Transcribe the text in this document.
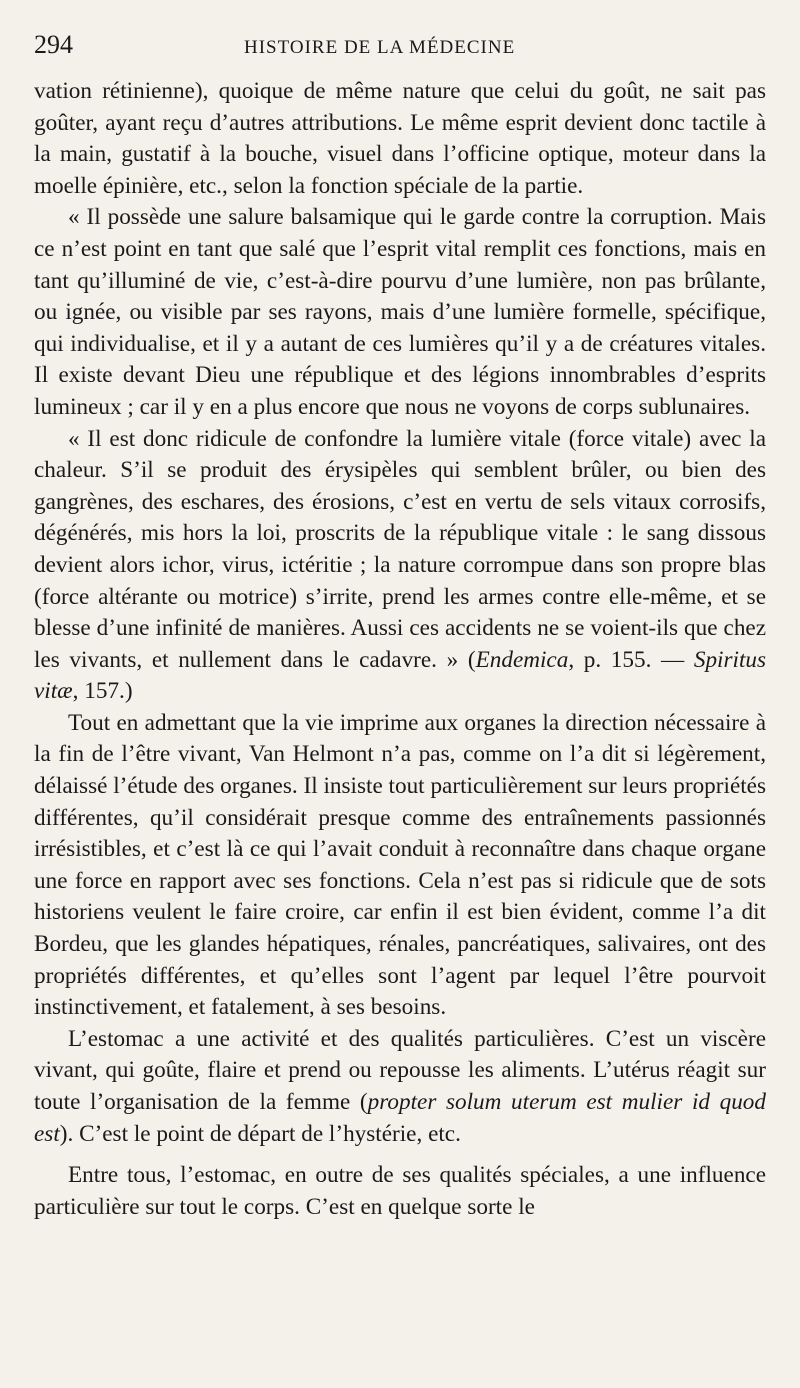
294	HISTOIRE DE LA MÉDECINE

vation rétinienne), quoique de même nature que celui du goût, ne sait pas goûter, ayant reçu d’autres attributions. Le même esprit devient donc tactile à la main, gustatif à la bouche, visuel dans l’officine optique, moteur dans la moelle épinière, etc., selon la fonction spéciale de la partie.

« Il possède une salure balsamique qui le garde contre la corruption. Mais ce n’est point en tant que salé que l’esprit vital remplit ces fonctions, mais en tant qu’illuminé de vie, c’est-à-dire pourvu d’une lumière, non pas brûlante, ou ignée, ou visible par ses rayons, mais d’une lumière formelle, spécifique, qui individualise, et il y a autant de ces lumières qu’il y a de créatures vitales. Il existe devant Dieu une république et des légions innombrables d’esprits lumineux ; car il y en a plus encore que nous ne voyons de corps sublunaires.

« Il est donc ridicule de confondre la lumière vitale (force vitale) avec la chaleur. S’il se produit des érysipèles qui semblent brûler, ou bien des gangrènes, des eschares, des érosions, c’est en vertu de sels vitaux corrosifs, dégénérés, mis hors la loi, proscrits de la république vitale : le sang dissous devient alors ichor, virus, ictéritie ; la nature corrompue dans son propre blas (force altérante ou motrice) s’irrite, prend les armes contre elle-même, et se blesse d’une infinité de manières. Aussi ces accidents ne se voient-ils que chez les vivants, et nullement dans le cadavre. » (Endemica, p. 155. — Spiritus vitæ, 157.)

Tout en admettant que la vie imprime aux organes la direction nécessaire à la fin de l’être vivant, Van Helmont n’a pas, comme on l’a dit si légèrement, délaissé l’étude des organes. Il insiste tout particulièrement sur leurs propriétés différentes, qu’il considérait presque comme des entraînements passionnés irrésistibles, et c’est là ce qui l’avait conduit à reconnaître dans chaque organe une force en rapport avec ses fonctions. Cela n’est pas si ridicule que de sots historiens veulent le faire croire, car enfin il est bien évident, comme l’a dit Bordeu, que les glandes hépatiques, rénales, pancréatiques, salivaires, ont des propriétés différentes, et qu’elles sont l’agent par lequel l’être pourvoit instinctivement, et fatalement, à ses besoins.

L’estomac a une activité et des qualités particulières. C’est un viscère vivant, qui goûte, flaire et prend ou repousse les aliments. L’utérus réagit sur toute l’organisation de la femme (propter solum uterum est mulier id quod est). C’est le point de départ de l’hystérie, etc.

Entre tous, l’estomac, en outre de ses qualités spéciales, a une influence particulière sur tout le corps. C’est en quelque sorte le
